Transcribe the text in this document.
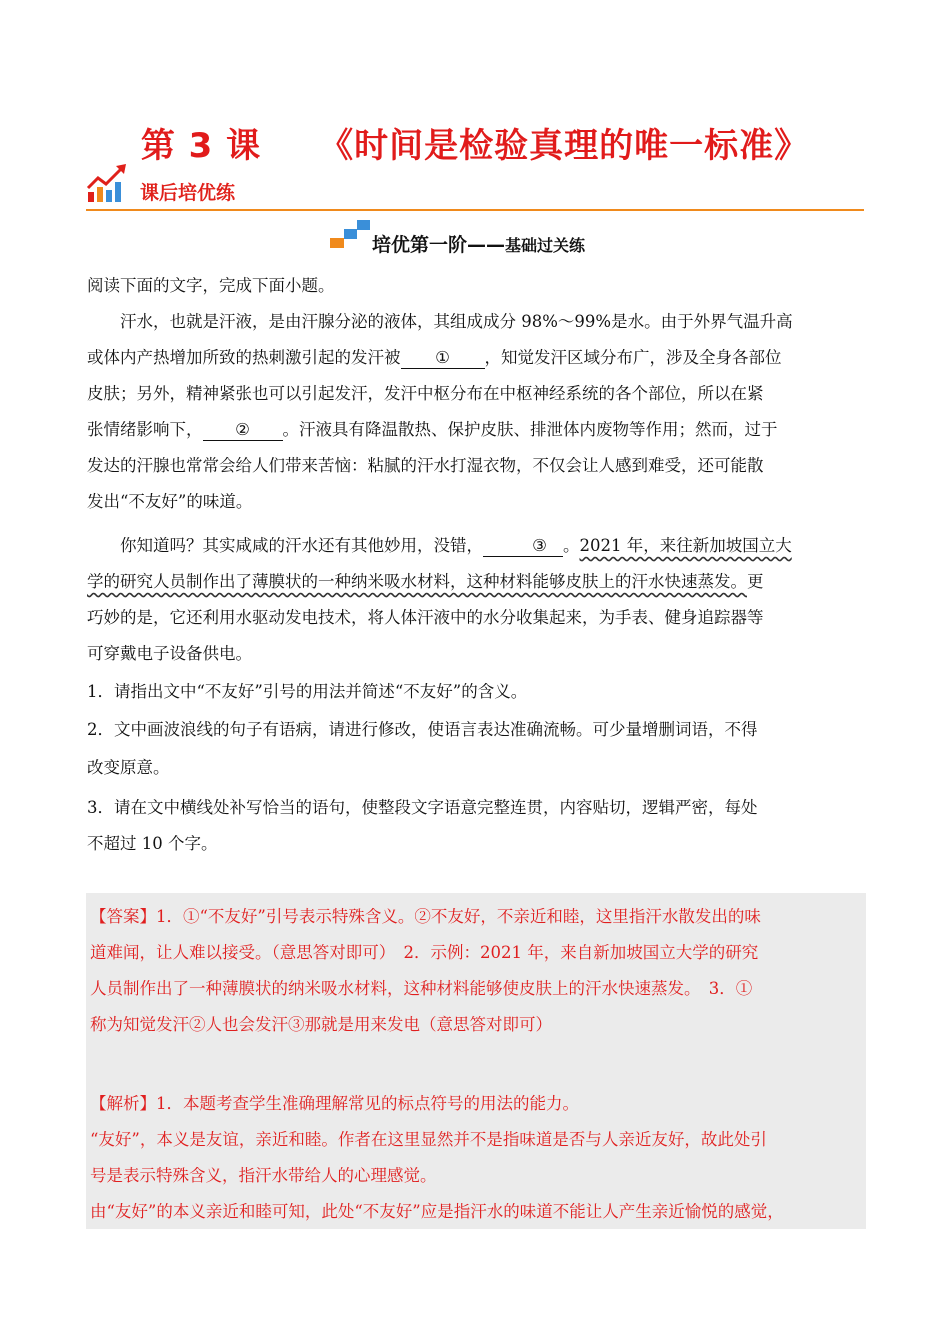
第 3 课 《时间是检验真理的唯一标准》
课后培优练
培优第一阶——基础过关练
阅读下面的文字，完成下面小题。
汗水，也就是汗液，是由汗腺分泌的液体，其组成成分 98%～99%是水。由于外界气温升高
或体内产热增加所致的热刺激引起的发汗被 ① ，知觉发汗区域分布广，涉及全身各部位
皮肤；另外，精神紧张也可以引起发汗，发汗中枢分布在中枢神经系统的各个部位，所以在紧
张情绪影响下， ② 。汗液具有降温散热、保护皮肤、排泄体内废物等作用；然而，过于
发达的汗腺也常常会给人们带来苦恼：粘腻的汗水打湿衣物，不仅会让人感到难受，还可能散
发出“不友好”的味道。
你知道吗？其实咸咸的汗水还有其他妙用，没错，	③ 。2021 年，来往新加坡国立大
学的研究人员制作出了薄膜状的一种纳米吸水材料，这种材料能够皮肤上的汗水快速蒸发。更
巧妙的是，它还利用水驱动发电技术，将人体汗液中的水分收集起来，为手表、健身追踪器等
可穿戴电子设备供电。
1．请指出文中“不友好”引号的用法并简述“不友好”的含义。
2．文中画波浪线的句子有语病，请进行修改，使语言表达准确流畅。可少量增删词语，不得
改变原意。
3．请在文中横线处补写恰当的语句，使整段文字语意完整连贯，内容贴切，逻辑严密，每处
不超过 10 个字。
【答案】1．①“不友好”引号表示特殊含义。②不友好，不亲近和睦，这里指汗水散发出的味
道难闻，让人难以接受。（意思答对即可）　2．示例：2021 年，来自新加坡国立大学的研究
人员制作出了一种薄膜状的纳米吸水材料，这种材料能够使皮肤上的汗水快速蒸发。　3．①
称为知觉发汗②人也会发汗③那就是用来发电（意思答对即可）
【解析】1．本题考查学生准确理解常见的标点符号的用法的能力。
“友好”，本义是友谊，亲近和睦。作者在这里显然并不是指味道是否与人亲近友好，故此处引
号是表示特殊含义，指汗水带给人的心理感觉。
由“友好”的本义亲近和睦可知，此处“不友好”应是指汗水的味道不能让人产生亲近愉悦的感觉，
